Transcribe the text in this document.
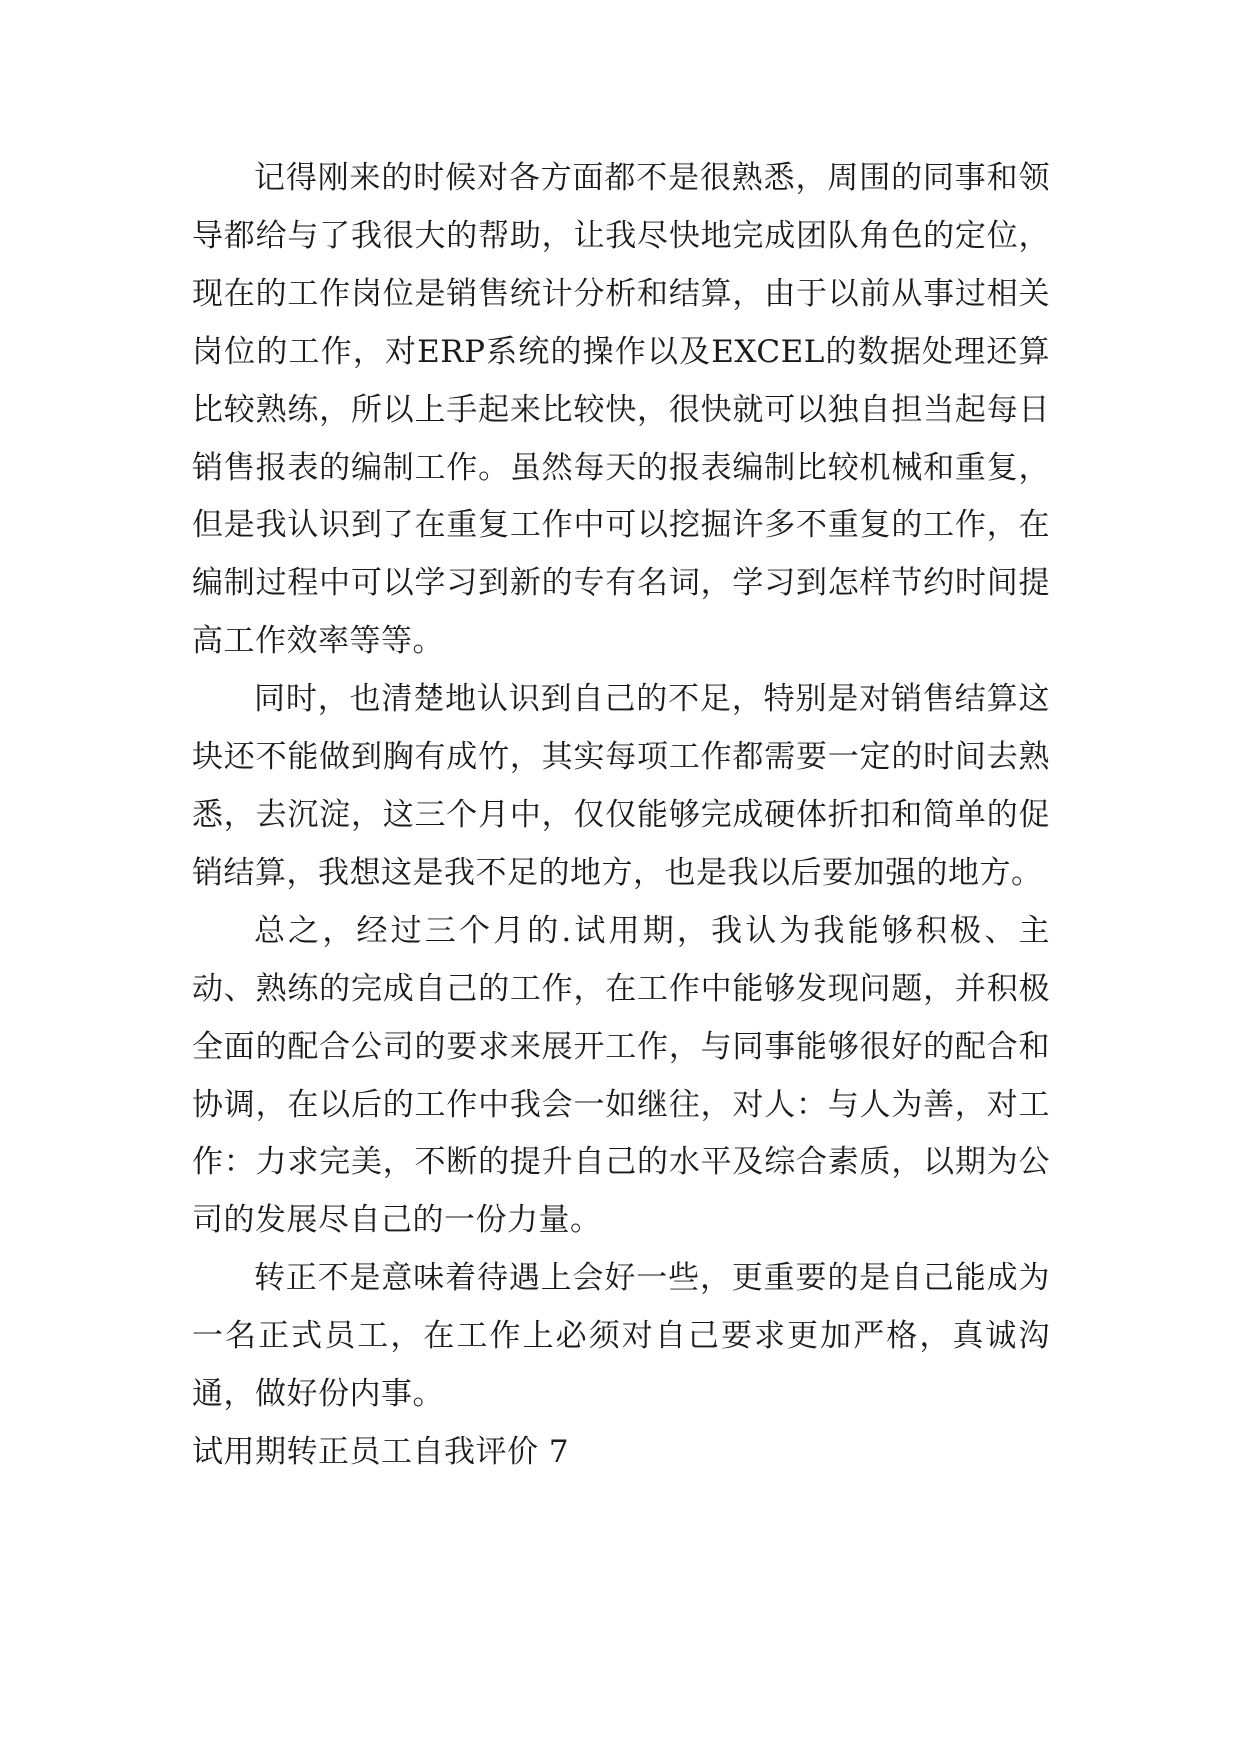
记得刚来的时候对各方面都不是很熟悉，周围的同事和领导都给与了我很大的帮助，让我尽快地完成团队角色的定位，现在的工作岗位是销售统计分析和结算，由于以前从事过相关岗位的工作，对ERP系统的操作以及EXCEL的数据处理还算比较熟练，所以上手起来比较快，很快就可以独自担当起每日销售报表的编制工作。虽然每天的报表编制比较机械和重复，但是我认识到了在重复工作中可以挖掘许多不重复的工作，在编制过程中可以学习到新的专有名词，学习到怎样节约时间提高工作效率等等。

同时，也清楚地认识到自己的不足，特别是对销售结算这块还不能做到胸有成竹，其实每项工作都需要一定的时间去熟悉，去沉淀，这三个月中，仅仅能够完成硬体折扣和简单的促销结算，我想这是我不足的地方，也是我以后要加强的地方。

总之，经过三个月的.试用期，我认为我能够积极、主动、熟练的完成自己的工作，在工作中能够发现问题，并积极全面的配合公司的要求来展开工作，与同事能够很好的配合和协调，在以后的工作中我会一如继往，对人：与人为善，对工作：力求完美，不断的提升自己的水平及综合素质，以期为公司的发展尽自己的一份力量。

转正不是意味着待遇上会好一些，更重要的是自己能成为一名正式员工，在工作上必须对自己要求更加严格，真诚沟通，做好份内事。

试用期转正员工自我评价 7
